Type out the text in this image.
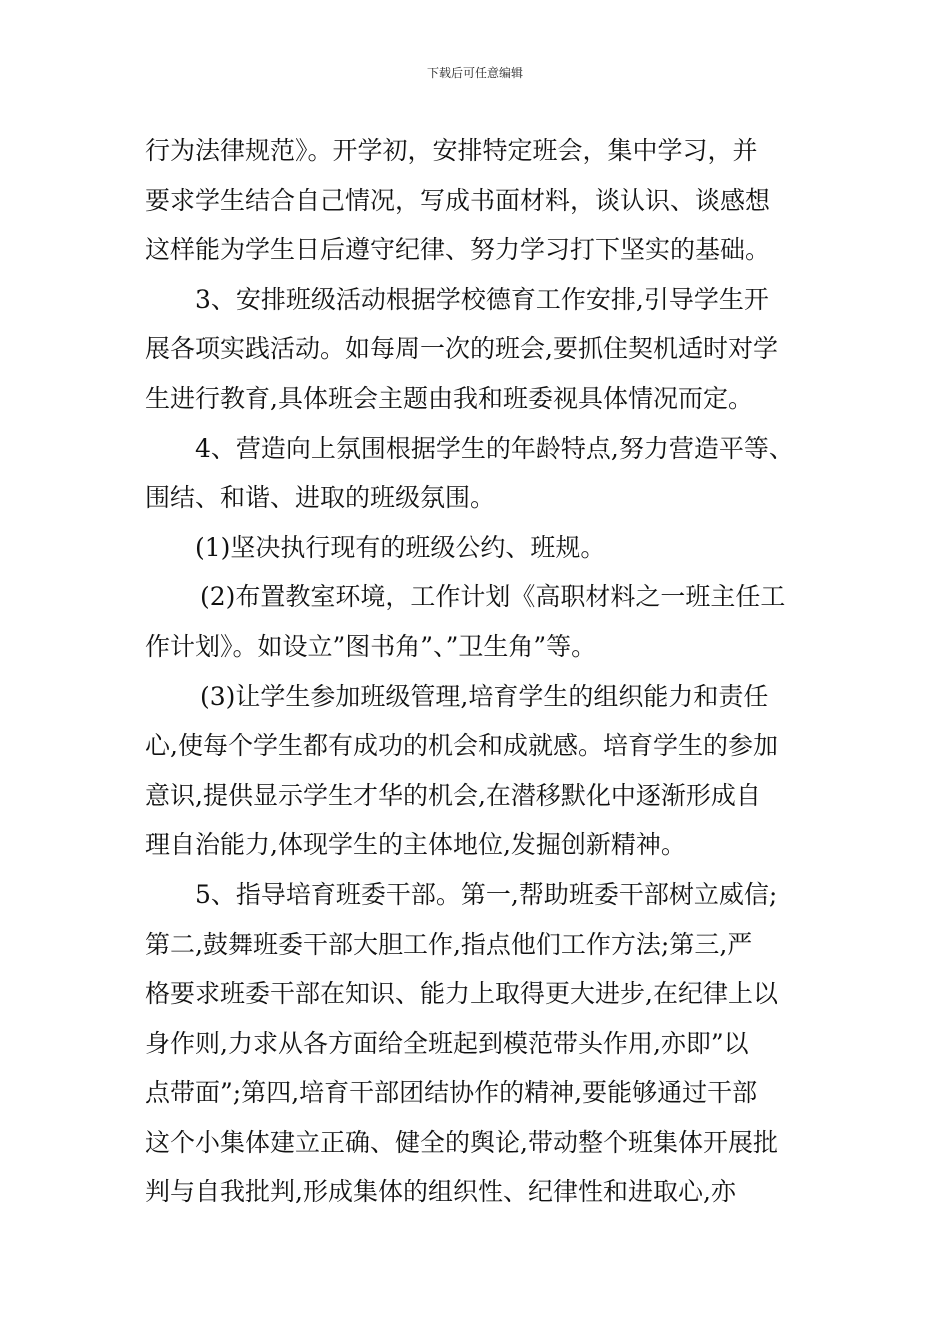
下载后可任意编辑
行为法律规范》。开学初，安排特定班会，集中学习，并
要求学生结合自己情况，写成书面材料，谈认识、谈感想
这样能为学生日后遵守纪律、努力学习打下坚实的基础。
3、安排班级活动根据学校德育工作安排,引导学生开
展各项实践活动。如每周一次的班会,要抓住契机适时对学
生进行教育,具体班会主题由我和班委视具体情况而定。
4、营造向上氛围根据学生的年龄特点,努力营造平等、
围结、和谐、进取的班级氛围。
(1)坚决执行现有的班级公约、班规。
(2)布置教室环境，工作计划《高职材料之一班主任工
作计划》。如设立”图书角”、”卫生角”等。
(3)让学生参加班级管理,培育学生的组织能力和责任
心,使每个学生都有成功的机会和成就感。培育学生的参加
意识,提供显示学生才华的机会,在潜移默化中逐渐形成自
理自治能力,体现学生的主体地位,发掘创新精神。
5、指导培育班委干部。第一,帮助班委干部树立威信;
第二,鼓舞班委干部大胆工作,指点他们工作方法;第三,严
格要求班委干部在知识、能力上取得更大进步,在纪律上以
身作则,力求从各方面给全班起到模范带头作用,亦即”以
点带面”;第四,培育干部团结协作的精神,要能够通过干部
这个小集体建立正确、健全的舆论,带动整个班集体开展批
判与自我批判,形成集体的组织性、纪律性和进取心,亦
